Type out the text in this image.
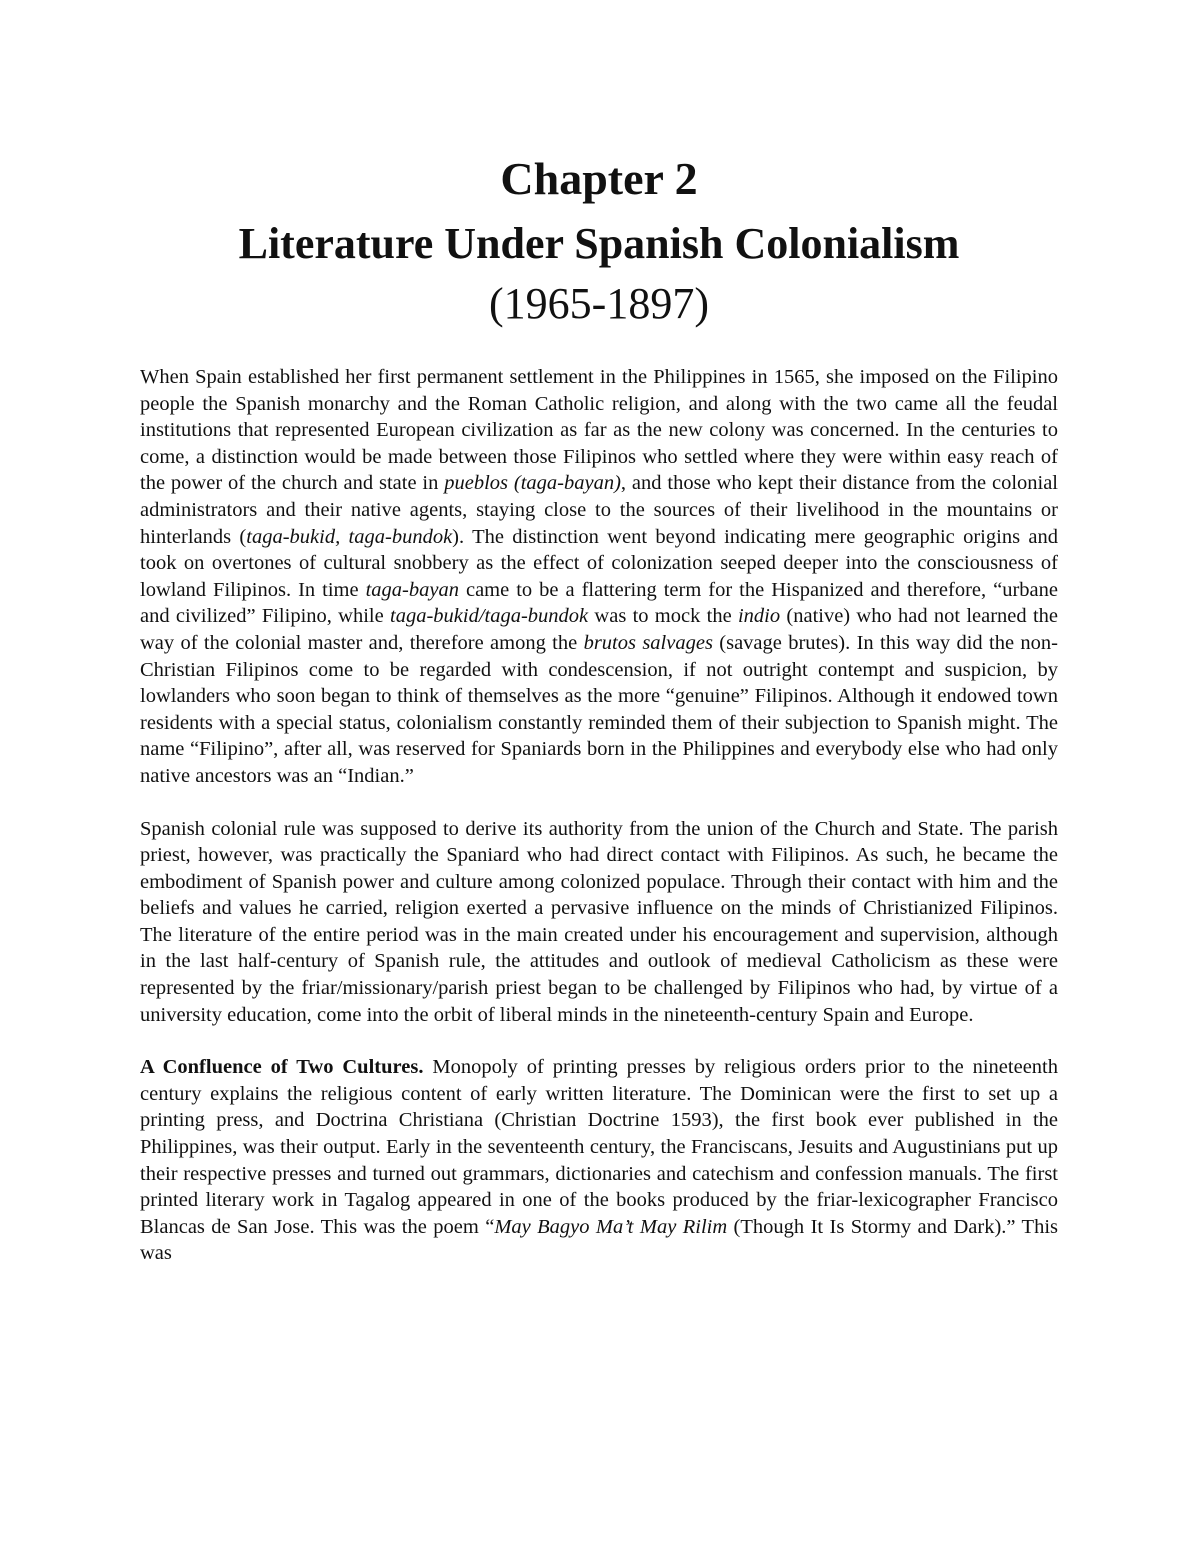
Chapter 2
Literature Under Spanish Colonialism
(1965-1897)

When Spain established her first permanent settlement in the Philippines in 1565, she imposed on the Filipino people the Spanish monarchy and the Roman Catholic religion, and along with the two came all the feudal institutions that represented European civilization as far as the new colony was concerned. In the centuries to come, a distinction would be made between those Filipinos who settled where they were within easy reach of the power of the church and state in pueblos (taga-bayan), and those who kept their distance from the colonial administrators and their native agents, staying close to the sources of their livelihood in the mountains or hinterlands (taga-bukid, taga-bundok). The distinction went beyond indicating mere geographic origins and took on overtones of cultural snobbery as the effect of colonization seeped deeper into the consciousness of lowland Filipinos. In time taga-bayan came to be a flattering term for the Hispanized and therefore, “urbane and civilized” Filipino, while taga-bukid/taga-bundok was to mock the indio (native) who had not learned the way of the colonial master and, therefore among the brutos salvages (savage brutes). In this way did the non-Christian Filipinos come to be regarded with condescension, if not outright contempt and suspicion, by lowlanders who soon began to think of themselves as the more “genuine” Filipinos. Although it endowed town residents with a special status, colonialism constantly reminded them of their subjection to Spanish might. The name “Filipino”, after all, was reserved for Spaniards born in the Philippines and everybody else who had only native ancestors was an “Indian.”

Spanish colonial rule was supposed to derive its authority from the union of the Church and State. The parish priest, however, was practically the Spaniard who had direct contact with Filipinos. As such, he became the embodiment of Spanish power and culture among colonized populace. Through their contact with him and the beliefs and values he carried, religion exerted a pervasive influence on the minds of Christianized Filipinos. The literature of the entire period was in the main created under his encouragement and supervision, although in the last half-century of Spanish rule, the attitudes and outlook of medieval Catholicism as these were represented by the friar/missionary/parish priest began to be challenged by Filipinos who had, by virtue of a university education, come into the orbit of liberal minds in the nineteenth-century Spain and Europe.

A Confluence of Two Cultures. Monopoly of printing presses by religious orders prior to the nineteenth century explains the religious content of early written literature. The Dominican were the first to set up a printing press, and Doctrina Christiana (Christian Doctrine 1593), the first book ever published in the Philippines, was their output. Early in the seventeenth century, the Franciscans, Jesuits and Augustinians put up their respective presses and turned out grammars, dictionaries and catechism and confession manuals. The first printed literary work in Tagalog appeared in one of the books produced by the friar-lexicographer Francisco Blancas de San Jose. This was the poem “May Bagyo Ma’t May Rilim (Though It Is Stormy and Dark).” This was
